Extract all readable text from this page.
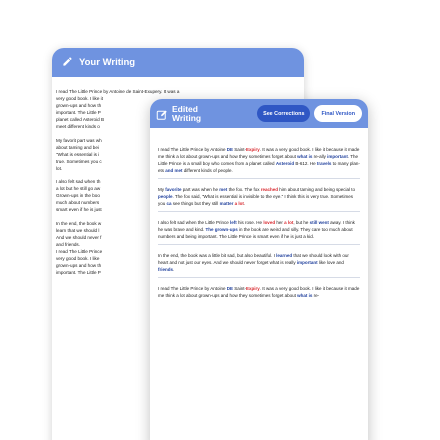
Your Writing
I read The Little Prince by Antoine de Saint-Exupery. It was a
very good book. I like it
grown-ups and how th
important. The Little P
planet called Asteroid B
meet different kinds o
My favorit part was wh
about taming and bei
"What is essential is i
true. Sometimes you c
lot.
I also felt sad when th
a lot but he still go aw
Grown-ups in the boo
much about numbers
smart even if he is just
In the end, the book w
learn that we should l
And we should never f
and friends.
I read The Little Prince
very good book. I like
grown-ups and how th
important. The Little P
Edited
Writing	See Corrections	Final Version
I read The Little Prince by Antoine DE Saint-Expiry. It was a very good book. I like it because it made me think a lot about grown-ups and how they sometimes forget about what is re-ally important. The Little Prince is a small boy who comes from a planet called Asteroid B-612. He travels to many plan-ets and met different kinds of people.
My favorite part was when he met the fox. The fox reached him about taming and being special to people. The fox said, "What is essential is invisible to the eye." I think this is very true. Sometimes you ca see things but they still matter a lot.
I also felt sad when the Little Prince left his rose. He loved her a lot, but he still went away. I think he was brave and kind. The grown-ups in the book are weird and silly. They care too much about numbers and being important. The Little Prince is smart even if he is just a kid.
In the end, the book was a little bit sad, but also beautiful. I learned that we should look with our heart and not just our eyes. And we should never forget what is really important like love and friends.
I read The Little Prince by Antoine DE Saint-Expiry. It was a very good book. I like it because it made me think a lot about grown-ups and how they sometimes forget about what is re-
